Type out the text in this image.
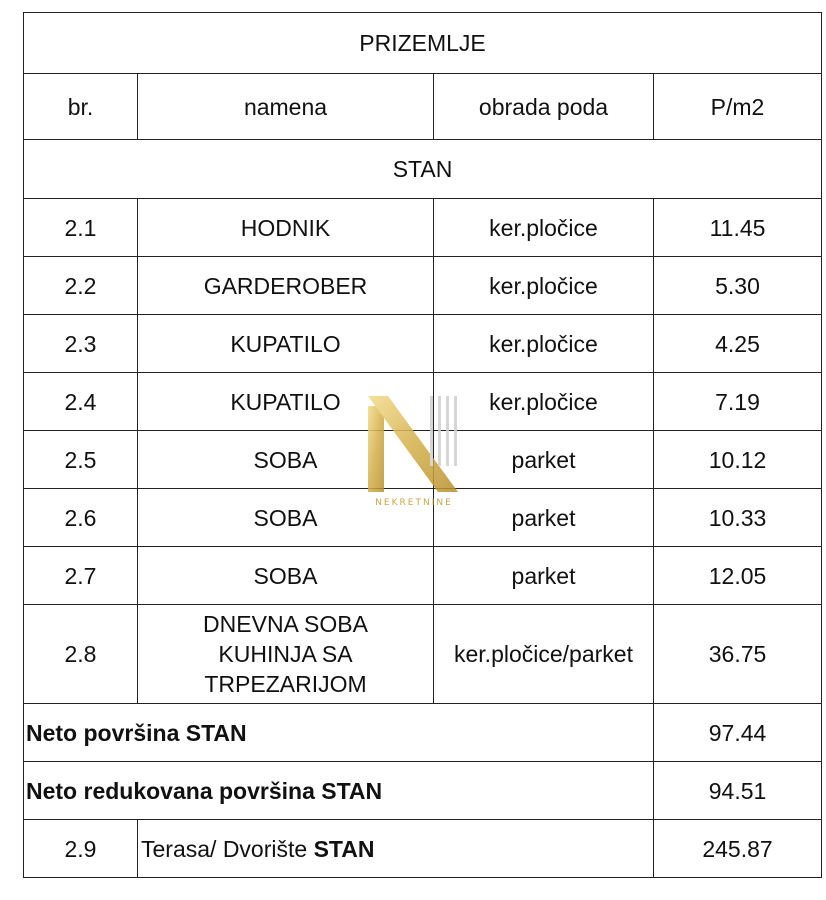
PRIZEMLJE			
br.	namena	obrada poda	P/m2
STAN			
2.1	HODNIK	ker.pločice	11.45
2.2	GARDEROBER	ker.pločice	5.30
2.3	KUPATILO	ker.pločice	4.25
2.4	KUPATILO	ker.pločice	7.19
2.5	SOBA	parket	10.12
2.6	SOBA	parket	10.33
2.7	SOBA	parket	12.05
2.8	DNEVNA SOBA
KUHINJA SA
TRPEZARIJOM	ker.pločice/parket	36.75
Neto površina STAN			97.44
Neto redukovana površina STAN			94.51
2.9	Terasa/ Dvorište STAN		245.87
NEKRETNINE
